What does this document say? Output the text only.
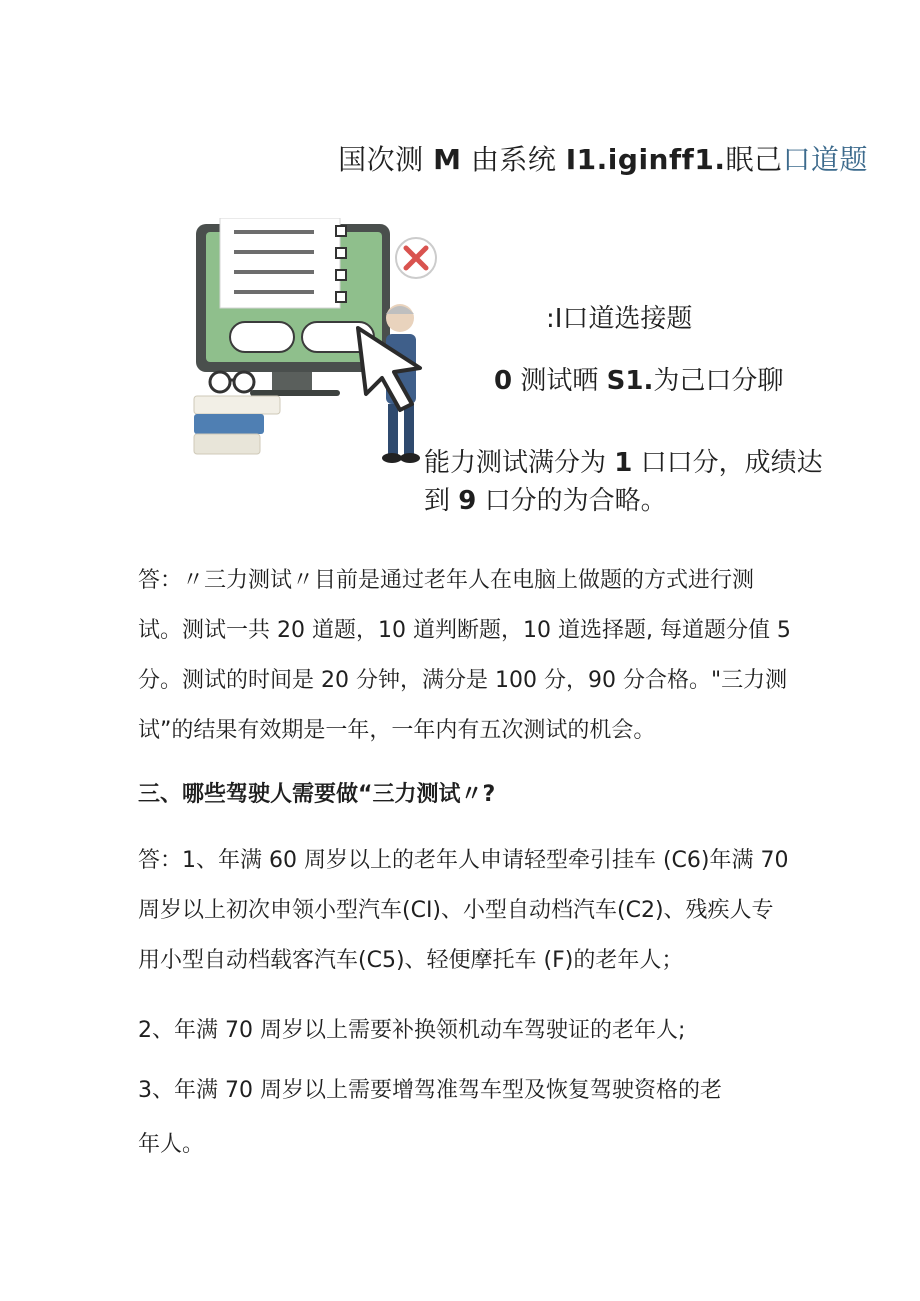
国次测 M 由系统 I1.iginff1.眠己口道题
:I口道选接题
0 测试晒 S1.为己口分聊
能力测试满分为 1 口口分，成绩达
到 9 口分的为合略。

答：〃三力测试〃目前是通过老年人在电脑上做题的方式进行测

试。测试一共 20 道题，10 道判断题，10 道选择题, 每道题分值 5

分。测试的时间是 20 分钟，满分是 100 分，90 分合格。"三力测

试”的结果有效期是一年，一年内有五次测试的机会。

三、哪些驾驶人需要做“三力测试〃?

答：1、年满 60 周岁以上的老年人申请轻型牵引挂车 (C6)年满 70

周岁以上初次申领小型汽车(CI)、小型自动档汽车(C2)、残疾人专

用小型自动档载客汽车(C5)、轻便摩托车 (F)的老年人；

2、年满 70 周岁以上需要补换领机动车驾驶证的老年人;

3、年满 70 周岁以上需要增驾准驾车型及恢复驾驶资格的老

年人。
